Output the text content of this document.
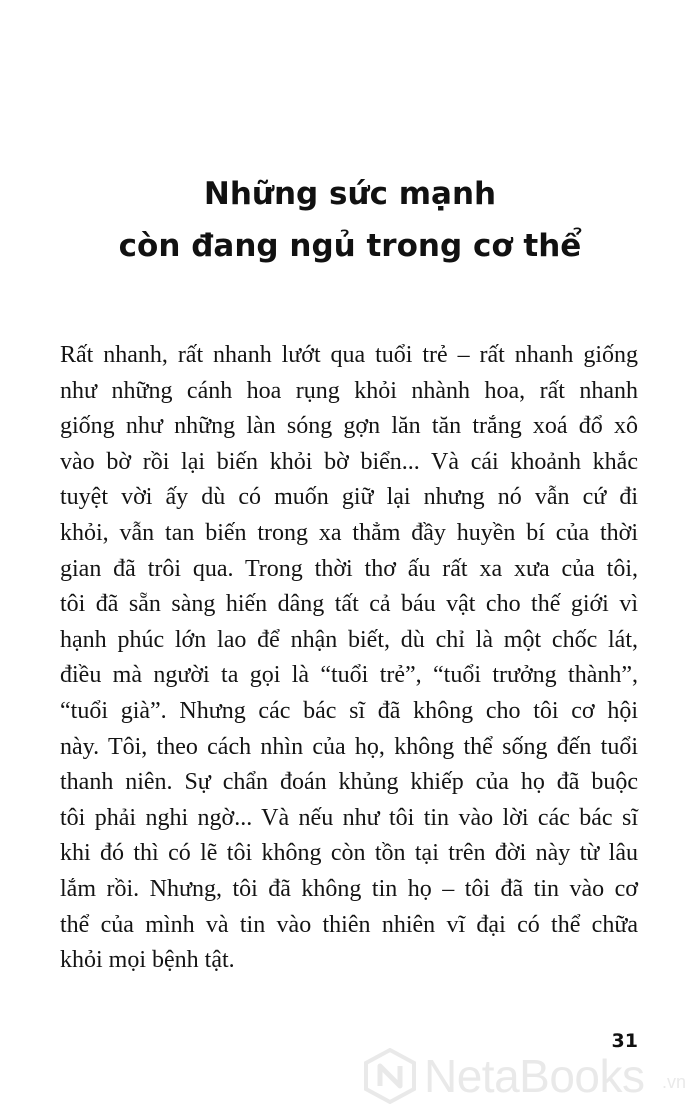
Những sức mạnh
còn đang ngủ trong cơ thể

Rất nhanh, rất nhanh lướt qua tuổi trẻ – rất nhanh giống
như những cánh hoa rụng khỏi nhành hoa, rất nhanh
giống như những làn sóng gợn lăn tăn trắng xoá đổ xô
vào bờ rồi lại biến khỏi bờ biển... Và cái khoảnh khắc
tuyệt vời ấy dù có muốn giữ lại nhưng nó vẫn cứ đi
khỏi, vẫn tan biến trong xa thẳm đầy huyền bí của thời
gian đã trôi qua. Trong thời thơ ấu rất xa xưa của tôi,
tôi đã sẵn sàng hiến dâng tất cả báu vật cho thế giới vì
hạnh phúc lớn lao để nhận biết, dù chỉ là một chốc lát,
điều mà người ta gọi là “tuổi trẻ”, “tuổi trưởng thành”,
“tuổi già”. Nhưng các bác sĩ đã không cho tôi cơ hội
này. Tôi, theo cách nhìn của họ, không thể sống đến tuổi
thanh niên. Sự chẩn đoán khủng khiếp của họ đã buộc
tôi phải nghi ngờ... Và nếu như tôi tin vào lời các bác sĩ
khi đó thì có lẽ tôi không còn tồn tại trên đời này từ lâu
lắm rồi. Nhưng, tôi đã không tin họ – tôi đã tin vào cơ
thể của mình và tin vào thiên nhiên vĩ đại có thể chữa
khỏi mọi bệnh tật.

31
NetaBooks .vn
